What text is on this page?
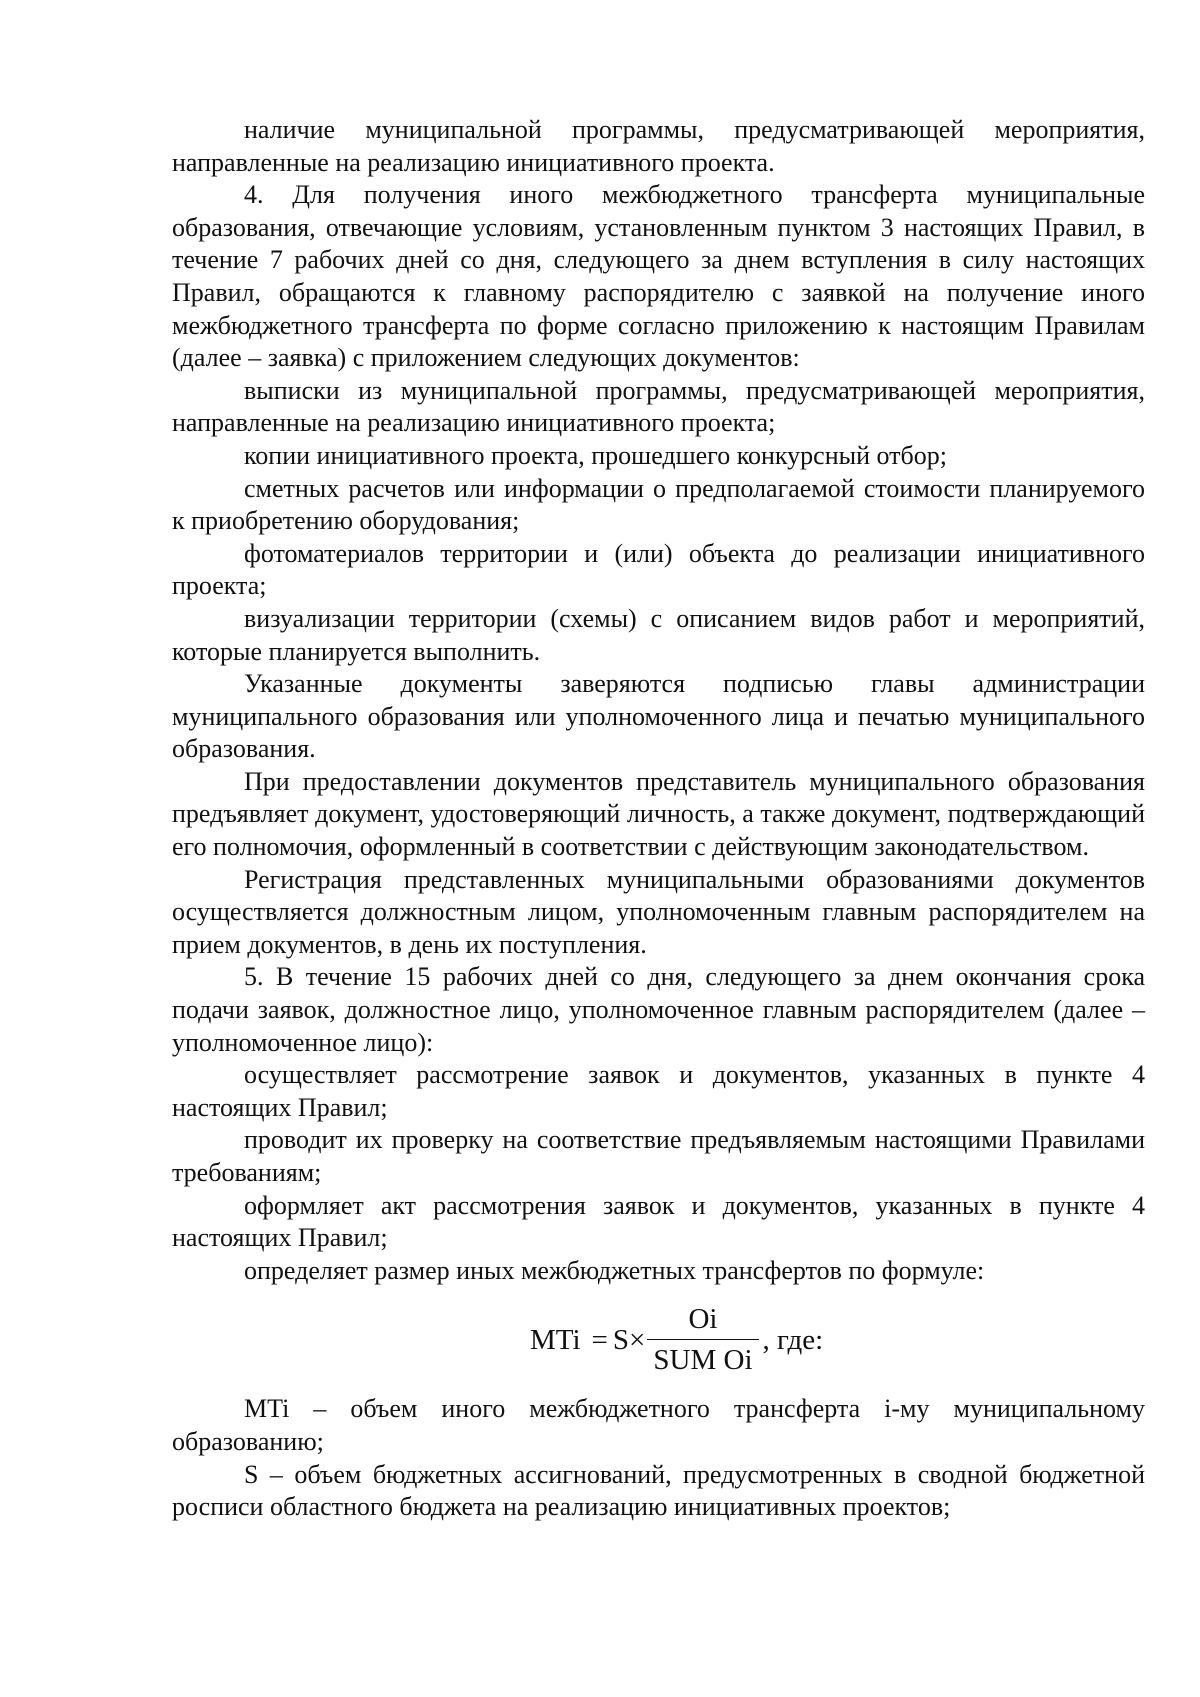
наличие муниципальной программы, предусматривающей мероприятия, направленные на реализацию инициативного проекта.

4. Для получения иного межбюджетного трансферта муниципальные образования, отвечающие условиям, установленным пунктом 3 настоящих Правил, в течение 7 рабочих дней со дня, следующего за днем вступления в силу настоящих Правил, обращаются к главному распорядителю с заявкой на получение иного межбюджетного трансферта по форме согласно приложению к настоящим Правилам (далее – заявка) с приложением следующих документов:

выписки из муниципальной программы, предусматривающей мероприятия, направленные на реализацию инициативного проекта;

копии инициативного проекта, прошедшего конкурсный отбор;

сметных расчетов или информации о предполагаемой стоимости планируемого к приобретению оборудования;

фотоматериалов территории и (или) объекта до реализации инициативного проекта;

визуализации территории (схемы) с описанием видов работ и мероприятий, которые планируется выполнить.

Указанные документы заверяются подписью главы администрации муниципального образования или уполномоченного лица и печатью муниципального образования.

При предоставлении документов представитель муниципального образования предъявляет документ, удостоверяющий личность, а также документ, подтверждающий его полномочия, оформленный в соответствии с действующим законодательством.

Регистрация представленных муниципальными образованиями документов осуществляется должностным лицом, уполномоченным главным распорядителем на прием документов, в день их поступления.

5. В течение 15 рабочих дней со дня, следующего за днем окончания срока подачи заявок, должностное лицо, уполномоченное главным распорядителем (далее – уполномоченное лицо):

осуществляет рассмотрение заявок и документов, указанных в пункте 4 настоящих Правил;

проводит их проверку на соответствие предъявляемым настоящими Правилами требованиям;

оформляет акт рассмотрения заявок и документов, указанных в пункте 4 настоящих Правил;

определяет размер иных межбюджетных трансфертов по формуле:

MTi = $S \times \frac{Oi}{\text{SUM Oi}}$ , где:

MTi – объем иного межбюджетного трансферта i-му муниципальному образованию;

S – объем бюджетных ассигнований, предусмотренных в сводной бюджетной росписи областного бюджета на реализацию инициативных проектов;
